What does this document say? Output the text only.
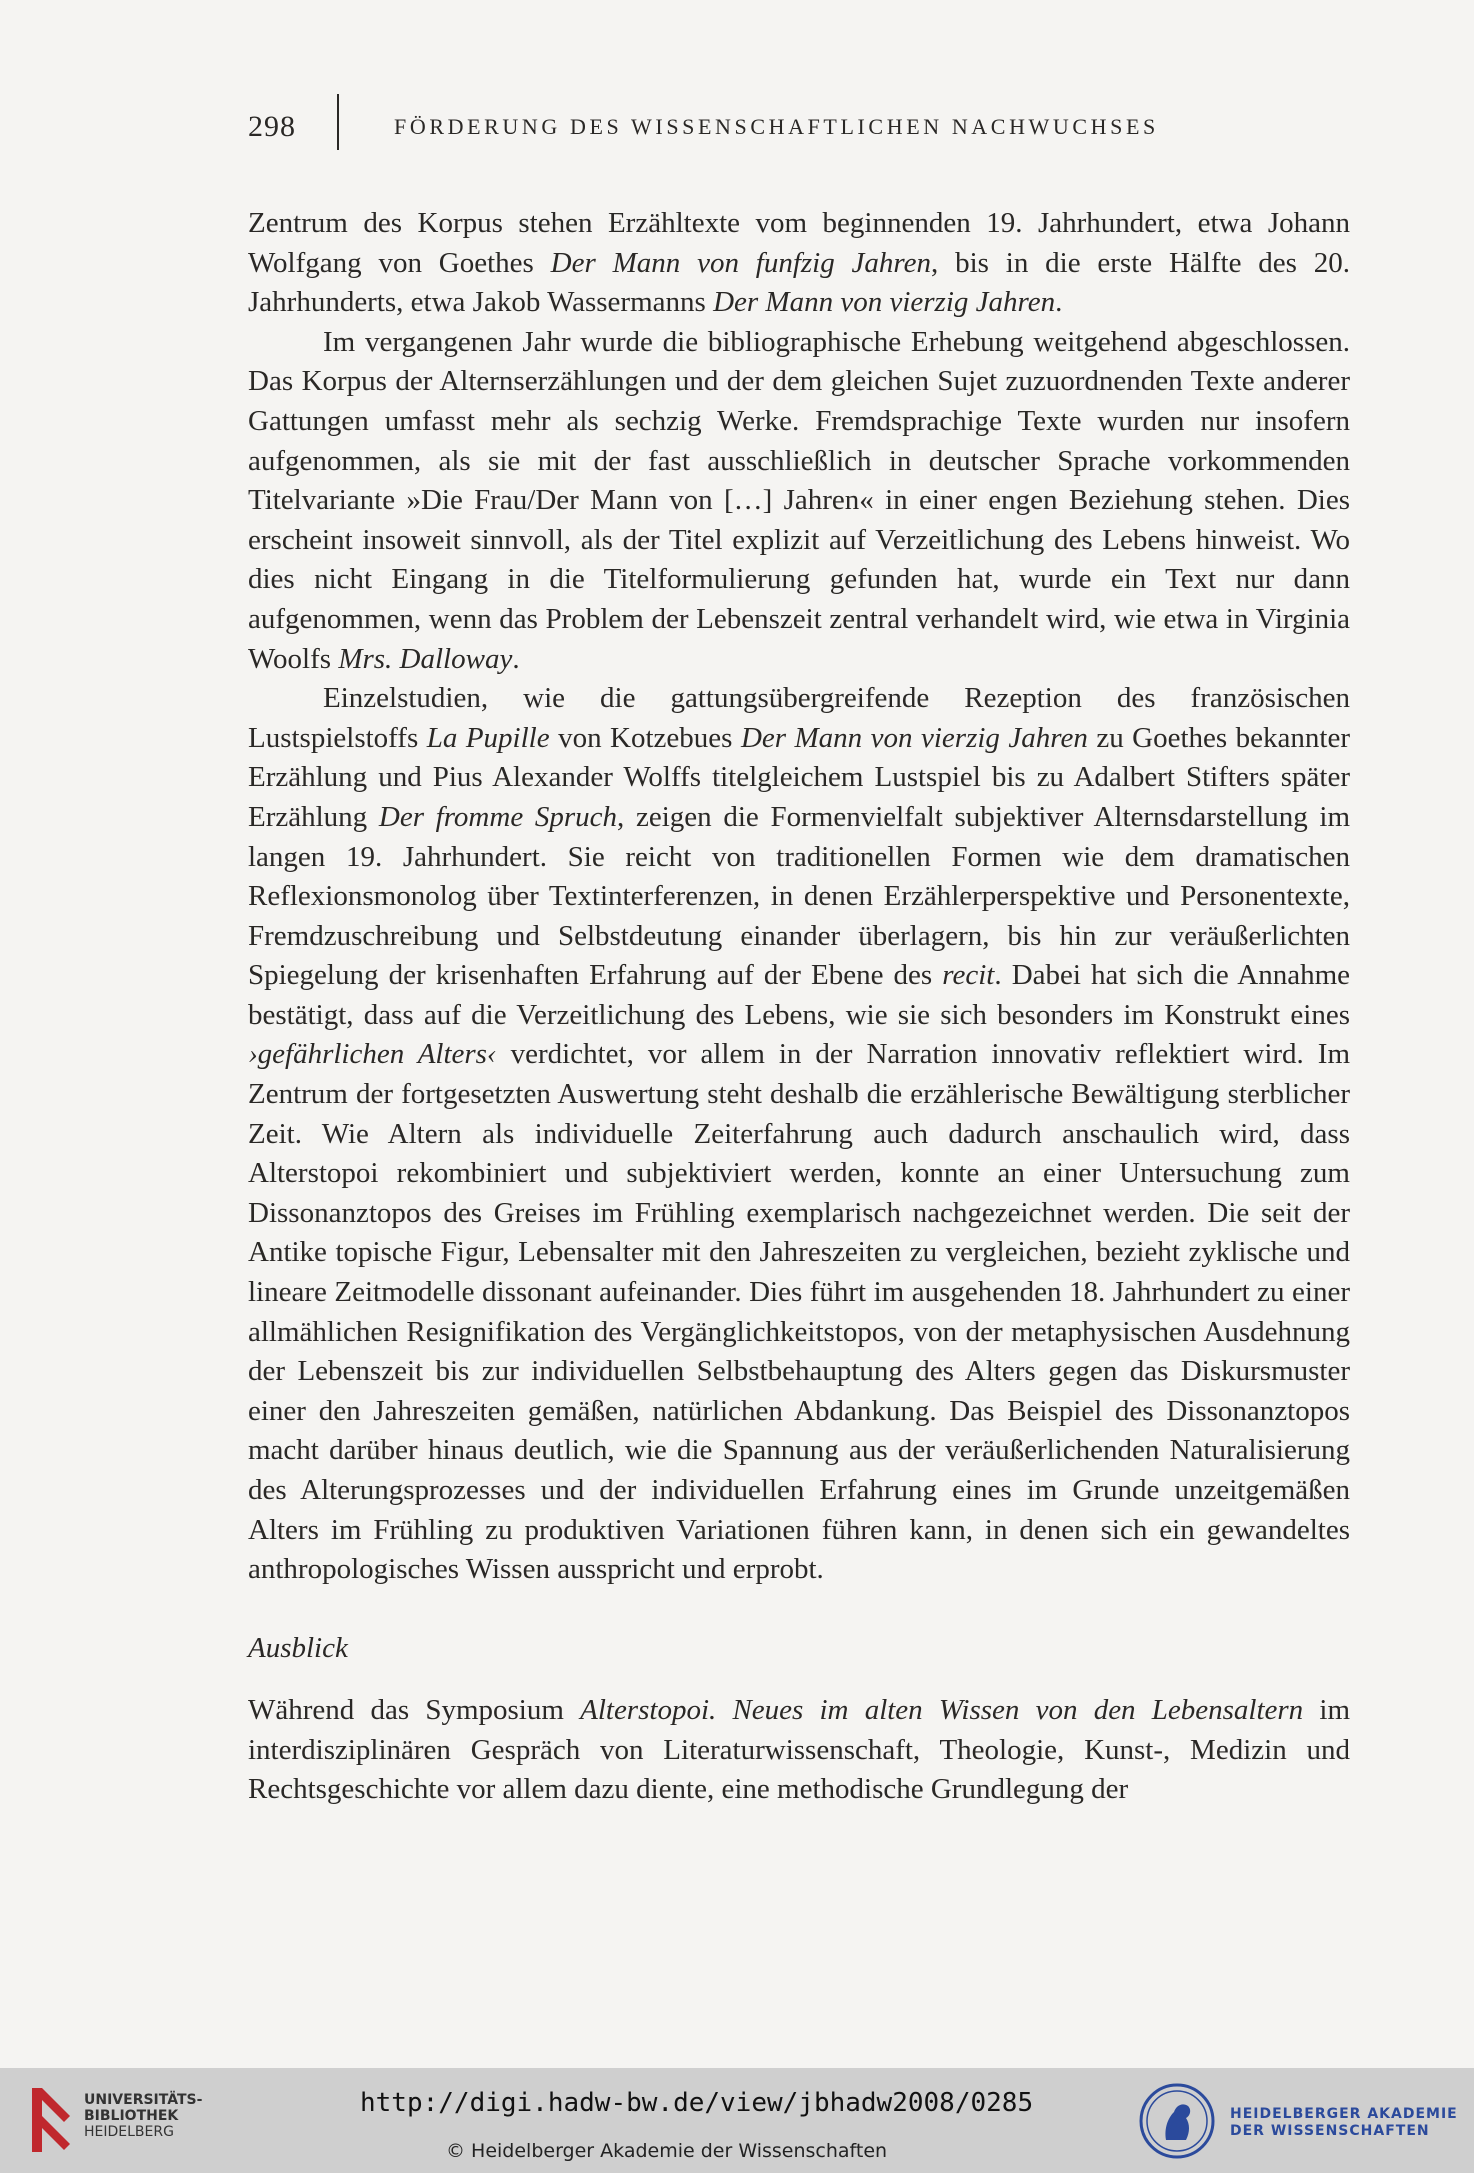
298	FÖRDERUNG DES WISSENSCHAFTLICHEN NACHWUCHSES

Zentrum des Korpus stehen Erzähltexte vom beginnenden 19. Jahrhundert, etwa Johann Wolfgang von Goethes Der Mann von funfzig Jahren, bis in die erste Hälfte des 20. Jahrhunderts, etwa Jakob Wassermanns Der Mann von vierzig Jahren.

Im vergangenen Jahr wurde die bibliographische Erhebung weitgehend abgeschlossen. Das Korpus der Alternserzählungen und der dem gleichen Sujet zuzuordnenden Texte anderer Gattungen umfasst mehr als sechzig Werke. Fremdsprachige Texte wurden nur insofern aufgenommen, als sie mit der fast ausschließlich in deutscher Sprache vorkommenden Titelvariante »Die Frau/Der Mann von […] Jahren« in einer engen Beziehung stehen. Dies erscheint insoweit sinnvoll, als der Titel explizit auf Verzeitlichung des Lebens hinweist. Wo dies nicht Eingang in die Titelformulierung gefunden hat, wurde ein Text nur dann aufgenommen, wenn das Problem der Lebenszeit zentral verhandelt wird, wie etwa in Virginia Woolfs Mrs. Dalloway.

Einzelstudien, wie die gattungsübergreifende Rezeption des französischen Lustspielstoffs La Pupille von Kotzebues Der Mann von vierzig Jahren zu Goethes bekannter Erzählung und Pius Alexander Wolffs titelgleichem Lustspiel bis zu Adalbert Stifters später Erzählung Der fromme Spruch, zeigen die Formenvielfalt subjektiver Alternsdarstellung im langen 19. Jahrhundert. Sie reicht von traditionellen Formen wie dem dramatischen Reflexionsmonolog über Textinterferenzen, in denen Erzählerperspektive und Personentexte, Fremdzuschreibung und Selbstdeutung einander überlagern, bis hin zur veräußerlichten Spiegelung der krisenhaften Erfahrung auf der Ebene des recit. Dabei hat sich die Annahme bestätigt, dass auf die Verzeitlichung des Lebens, wie sie sich besonders im Konstrukt eines ›gefährlichen Alters‹ verdichtet, vor allem in der Narration innovativ reflektiert wird. Im Zentrum der fortgesetzten Auswertung steht deshalb die erzählerische Bewältigung sterblicher Zeit. Wie Altern als individuelle Zeiterfahrung auch dadurch anschaulich wird, dass Alterstopoi rekombiniert und subjektiviert werden, konnte an einer Untersuchung zum Dissonanztopos des Greises im Frühling exemplarisch nachgezeichnet werden. Die seit der Antike topische Figur, Lebensalter mit den Jahreszeiten zu vergleichen, bezieht zyklische und lineare Zeitmodelle dissonant aufeinander. Dies führt im ausgehenden 18. Jahrhundert zu einer allmählichen Resignifikation des Vergänglichkeitstopos, von der metaphysischen Ausdehnung der Lebenszeit bis zur individuellen Selbstbehauptung des Alters gegen das Diskursmuster einer den Jahreszeiten gemäßen, natürlichen Abdankung. Das Beispiel des Dissonanztopos macht darüber hinaus deutlich, wie die Spannung aus der veräußerlichenden Naturalisierung des Alterungsprozesses und der individuellen Erfahrung eines im Grunde unzeitgemäßen Alters im Frühling zu produktiven Variationen führen kann, in denen sich ein gewandeltes anthropologisches Wissen ausspricht und erprobt.

Ausblick

Während das Symposium Alterstopoi. Neues im alten Wissen von den Lebensaltern im interdisziplinären Gespräch von Literaturwissenschaft, Theologie, Kunst-, Medizin und Rechtsgeschichte vor allem dazu diente, eine methodische Grundlegung der

UNIVERSITÄTS-
BIBLIOTHEK
HEIDELBERG
http://digi.hadw-bw.de/view/jbhadw2008/0285
© Heidelberger Akademie der Wissenschaften
HEIDELBERGER AKADEMIE
DER WISSENSCHAFTEN
